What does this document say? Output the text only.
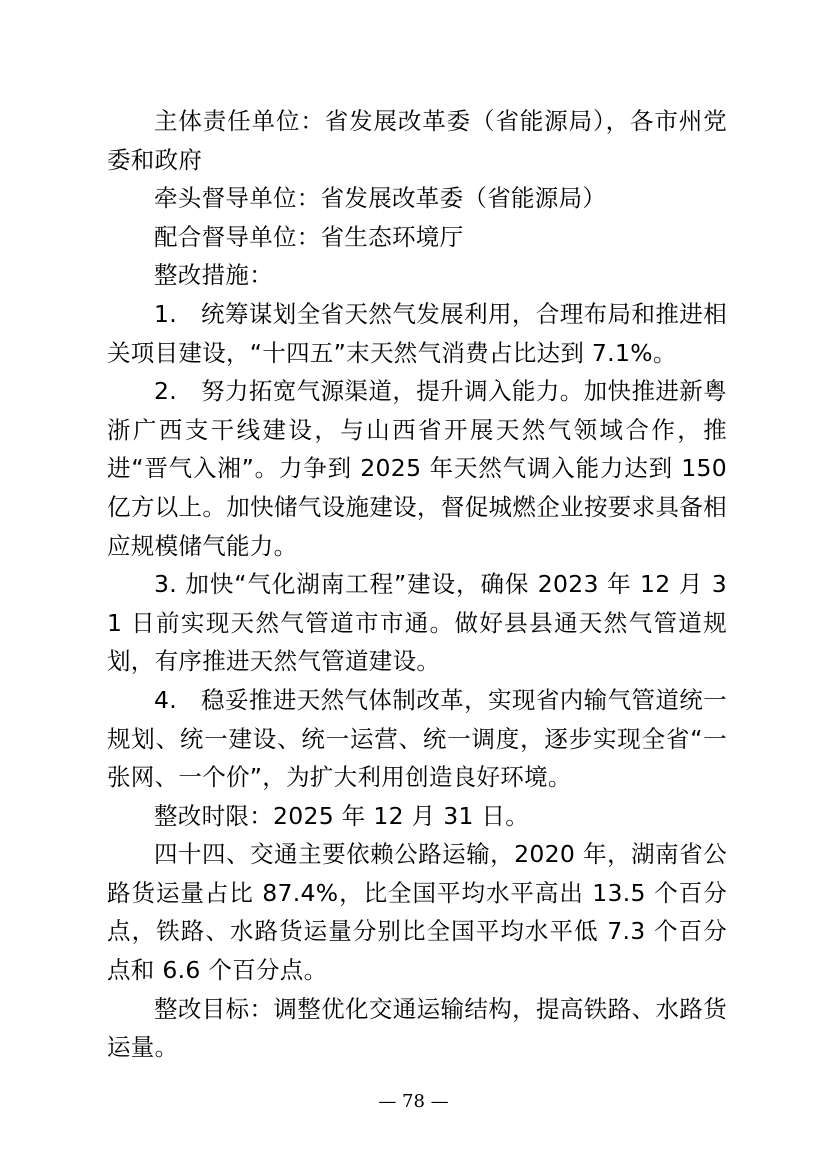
主体责任单位：省发展改革委（省能源局），各市州党委和政府

牵头督导单位：省发展改革委（省能源局）

配合督导单位：省生态环境厅

整改措施：

1.　统筹谋划全省天然气发展利用，合理布局和推进相关项目建设，“十四五”末天然气消费占比达到 7.1%。

2.　努力拓宽气源渠道，提升调入能力。加快推进新粤浙广西支干线建设，与山西省开展天然气领域合作，推进“晋气入湘”。力争到 2025 年天然气调入能力达到 150 亿方以上。加快储气设施建设，督促城燃企业按要求具备相应规模储气能力。

3. 加快“气化湖南工程”建设，确保 2023 年 12 月 31 日前实现天然气管道市市通。做好县县通天然气管道规划，有序推进天然气管道建设。

4.　稳妥推进天然气体制改革，实现省内输气管道统一规划、统一建设、统一运营、统一调度，逐步实现全省“一张网、一个价”，为扩大利用创造良好环境。

整改时限：2025 年 12 月 31 日。

四十四、交通主要依赖公路运输，2020 年，湖南省公路货运量占比 87.4%，比全国平均水平高出 13.5 个百分点，铁路、水路货运量分别比全国平均水平低 7.3 个百分点和 6.6 个百分点。

整改目标：调整优化交通运输结构，提高铁路、水路货运量。

— 78 —
